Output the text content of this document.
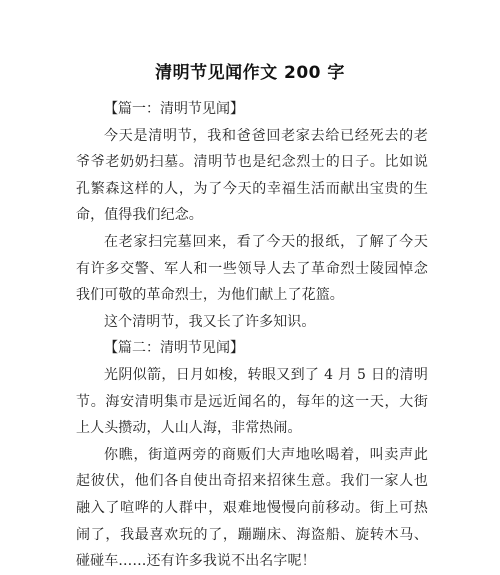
清明节见闻作文 200 字

【篇一：清明节见闻】

今天是清明节，我和爸爸回老家去给已经死去的老爷爷老奶奶扫墓。清明节也是纪念烈士的日子。比如说孔繁森这样的人，为了今天的幸福生活而献出宝贵的生命，值得我们纪念。

在老家扫完墓回来，看了今天的报纸，了解了今天有许多交警、军人和一些领导人去了革命烈士陵园悼念我们可敬的革命烈士，为他们献上了花篮。

这个清明节，我又长了许多知识。

【篇二：清明节见闻】

光阴似箭，日月如梭，转眼又到了 4 月 5 日的清明节。海安清明集市是远近闻名的，每年的这一天，大街上人头攒动，人山人海，非常热闹。

你瞧，街道两旁的商贩们大声地吆喝着，叫卖声此起彼伏，他们各自使出奇招来招徕生意。我们一家人也融入了喧哗的人群中，艰难地慢慢向前移动。街上可热闹了，我最喜欢玩的了，蹦蹦床、海盗船、旋转木马、碰碰车……还有许多我说不出名字呢！
